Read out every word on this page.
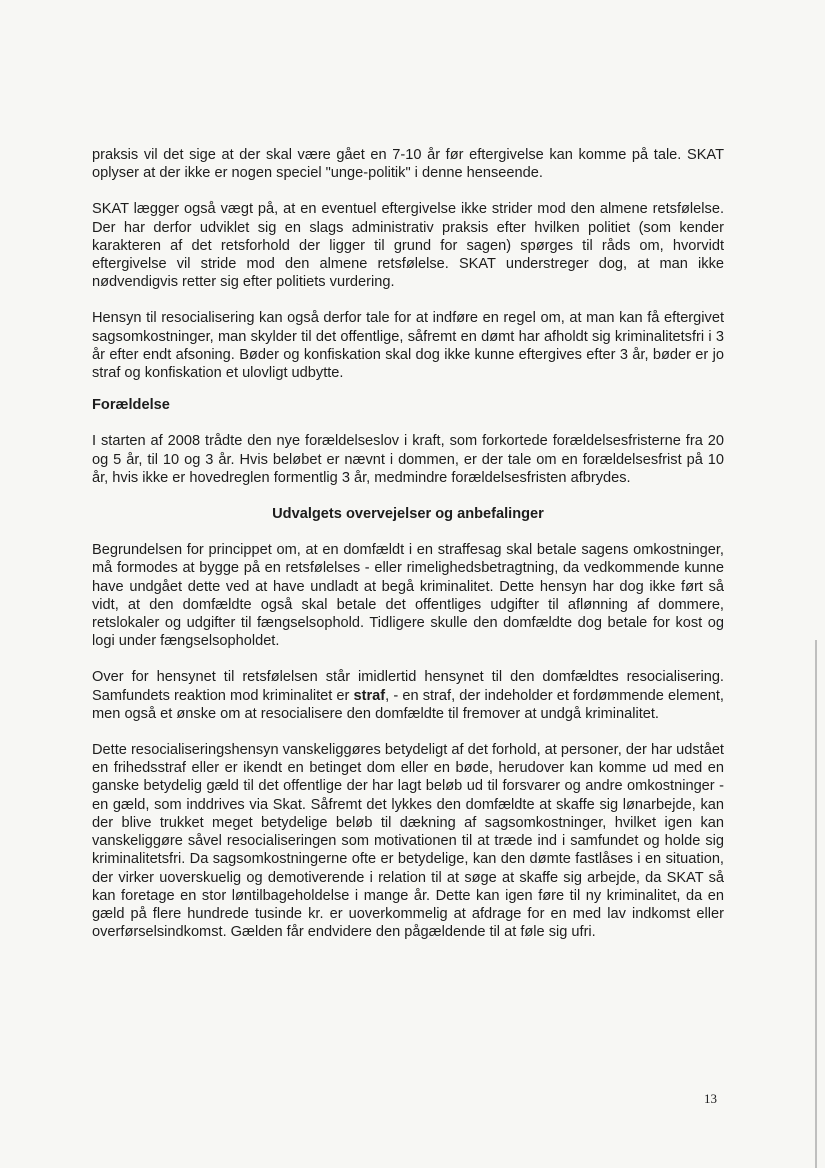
praksis vil det sige at der skal være gået en 7-10 år før eftergivelse kan komme på tale. SKAT oplyser at der ikke er nogen speciel "unge-politik" i denne henseende.

SKAT lægger også vægt på, at en eventuel eftergivelse ikke strider mod den almene retsfølelse. Der har derfor udviklet sig en slags administrativ praksis efter hvilken politiet (som kender karakteren af det retsforhold der ligger til grund for sagen) spørges til råds om, hvorvidt eftergivelse vil stride mod den almene retsfølelse. SKAT understreger dog, at man ikke nødvendigvis retter sig efter politiets vurdering.

Hensyn til resocialisering kan også derfor tale for at indføre en regel om, at man kan få eftergivet sagsomkostninger, man skylder til det offentlige, såfremt en dømt har afholdt sig kriminalitetsfri i 3 år efter endt afsoning. Bøder og konfiskation skal dog ikke kunne eftergives efter 3 år, bøder er jo straf og konfiskation et ulovligt udbytte.

Forældelse

I starten af 2008 trådte den nye forældelseslov i kraft, som forkortede forældelsesfristerne fra 20 og 5 år, til 10 og 3 år. Hvis beløbet er nævnt i dommen, er der tale om en forældelsesfrist på 10 år, hvis ikke er hovedreglen formentlig 3 år, medmindre forældelsesfristen afbrydes.

Udvalgets overvejelser og anbefalinger

Begrundelsen for princippet om, at en domfældt i en straffesag skal betale sagens omkostninger, må formodes at bygge på en retsfølelses - eller rimelighedsbetragtning, da vedkommende kunne have undgået dette ved at have undladt at begå kriminalitet. Dette hensyn har dog ikke ført så vidt, at den domfældte også skal betale det offentliges udgifter til aflønning af dommere, retslokaler og udgifter til fængselsophold. Tidligere skulle den domfældte dog betale for kost og logi under fængselsopholdet.

Over for hensynet til retsfølelsen står imidlertid hensynet til den domfældtes resocialisering. Samfundets reaktion mod kriminalitet er straf, - en straf, der indeholder et fordømmende element, men også et ønske om at resocialisere den domfældte til fremover at undgå kriminalitet.

Dette resocialiseringshensyn vanskeliggøres betydeligt af det forhold, at personer, der har udstået en frihedsstraf eller er ikendt en betinget dom eller en bøde, herudover kan komme ud med en ganske betydelig gæld til det offentlige der har lagt beløb ud til forsvarer og andre omkostninger - en gæld, som inddrives via Skat. Såfremt det lykkes den domfældte at skaffe sig lønarbejde, kan der blive trukket meget betydelige beløb til dækning af sagsomkostninger, hvilket igen kan vanskeliggøre såvel resocialiseringen som motivationen til at træde ind i samfundet og holde sig kriminalitetsfri. Da sagsomkostningerne ofte er betydelige, kan den dømte fastlåses i en situation, der virker uoverskuelig og demotiverende i relation til at søge at skaffe sig arbejde, da SKAT så kan foretage en stor løntilbageholdelse i mange år. Dette kan igen føre til ny kriminalitet, da en gæld på flere hundrede tusinde kr. er uoverkommelig at afdrage for en med lav indkomst eller overførselsindkomst. Gælden får endvidere den pågældende til at føle sig ufri.

13
